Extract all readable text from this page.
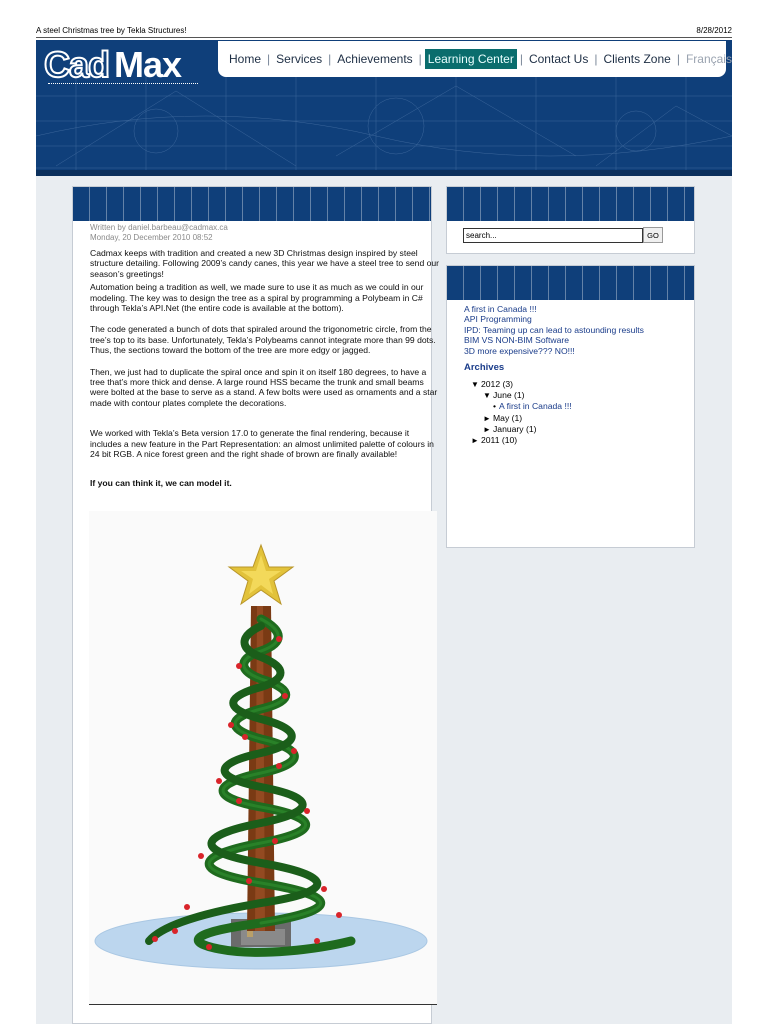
A steel Christmas tree by Tekla Structures!	8/28/2012
Cad Max	Home | Services | Achievements | Learning Center | Contact Us | Clients Zone | Français
Written by daniel.barbeau@cadmax.ca
Monday, 20 December 2010 08:52

Cadmax keeps with tradition and created a new 3D Christmas design inspired by steel structure detailing. Following 2009’s candy canes, this year we have a steel tree to send our season’s greetings!

Automation being a tradition as well, we made sure to use it as much as we could in our modeling. The key was to design the tree as a spiral by programming a Polybeam in C# through Tekla’s API.Net (the entire code is available at the bottom).

The code generated a bunch of dots that spiraled around the trigonometric circle, from the tree’s top to its base. Unfortunately, Tekla’s Polybeams cannot integrate more than 99 dots. Thus, the sections toward the bottom of the tree are more edgy or jagged.

Then, we just had to duplicate the spiral once and spin it on itself 180 degrees, to have a tree that’s more thick and dense. A large round HSS became the trunk and small beams were bolted at the base to serve as a stand. A few bolts were used as ornaments and a star made with contour plates complete the decorations.

We worked with Tekla’s Beta version 17.0 to generate the final rendering, because it includes a new feature in the Part Representation: an almost unlimited palette of colours in 24 bit RGB. A nice forest green and the right shade of brown are finally available!

If you can think it, we can model it.

search...
GO
A first in Canada !!!
API Programming
IPD: Teaming up can lead to astounding results
BIM VS NON-BIM Software
3D more expensive??? NO!!!
Archives
▼ 2012 (3)
▼ June (1)
• A first in Canada !!!
► May (1)
► January (1)
► 2011 (10)
